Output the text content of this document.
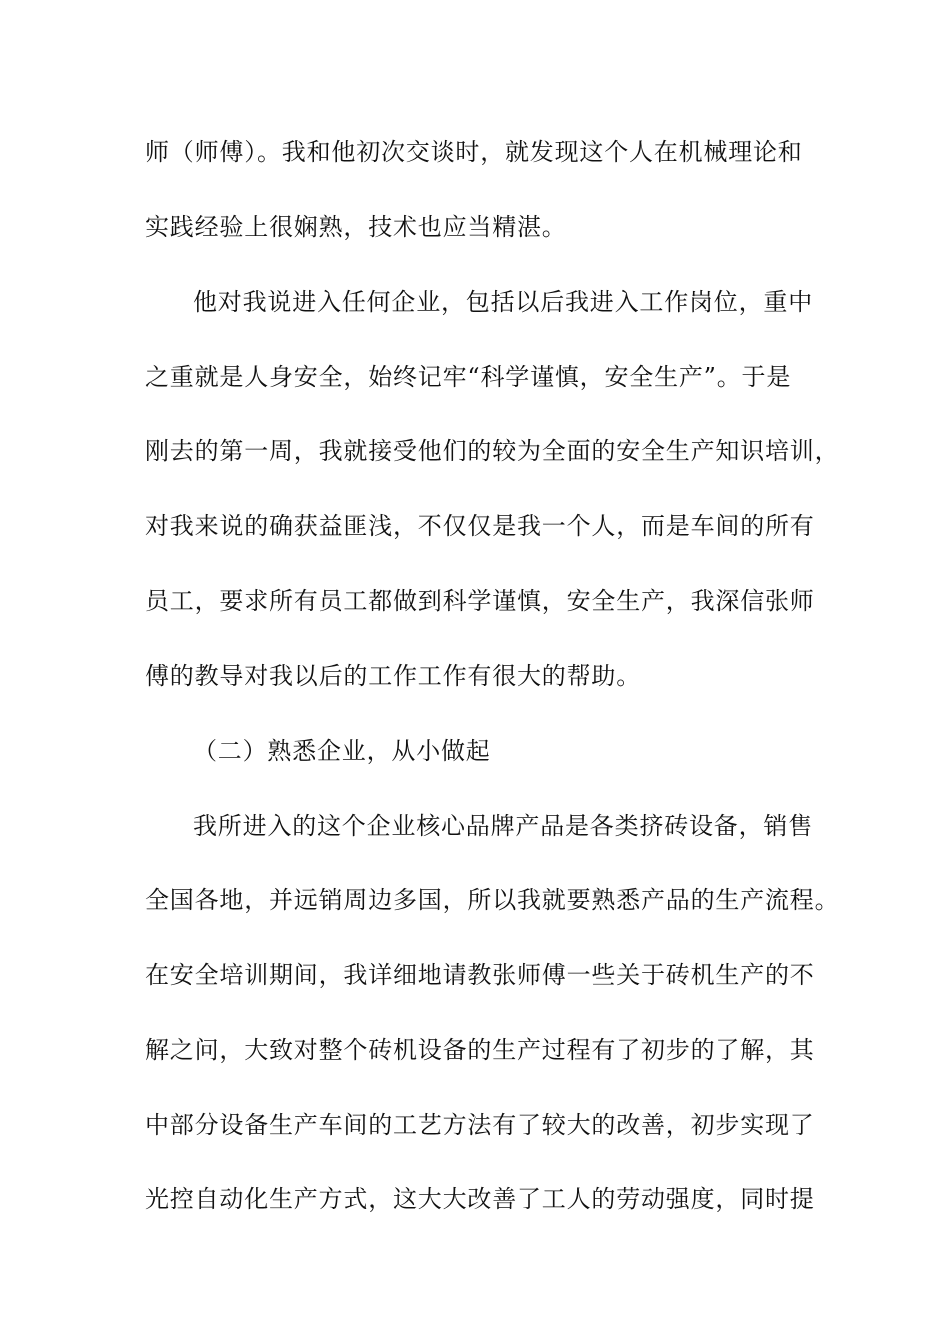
师（师傅）。我和他初次交谈时，就发现这个人在机械理论和
实践经验上很娴熟，技术也应当精湛。
他对我说进入任何企业，包括以后我进入工作岗位，重中
之重就是人身安全，始终记牢“科学谨慎，安全生产”。于是
刚去的第一周，我就接受他们的较为全面的安全生产知识培训，
对我来说的确获益匪浅，不仅仅是我一个人，而是车间的所有
员工，要求所有员工都做到科学谨慎，安全生产，我深信张师
傅的教导对我以后的工作工作有很大的帮助。
（二）熟悉企业，从小做起
我所进入的这个企业核心品牌产品是各类挤砖设备，销售
全国各地，并远销周边多国，所以我就要熟悉产品的生产流程。
在安全培训期间，我详细地请教张师傅一些关于砖机生产的不
解之问，大致对整个砖机设备的生产过程有了初步的了解，其
中部分设备生产车间的工艺方法有了较大的改善，初步实现了
光控自动化生产方式，这大大改善了工人的劳动强度，同时提
